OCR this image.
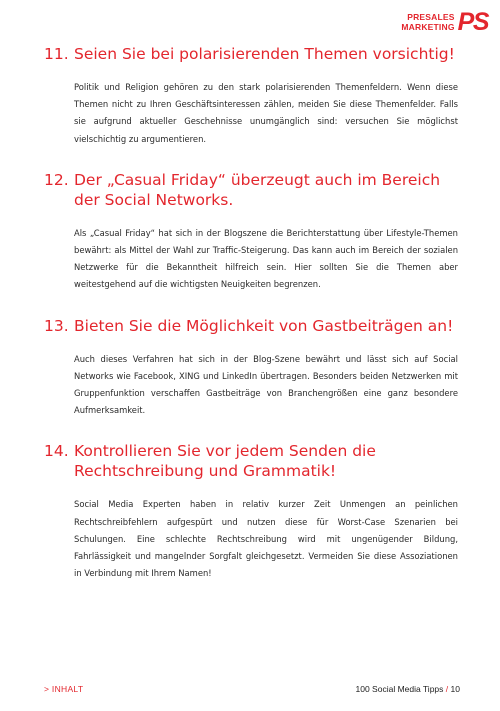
PRESALES
MARKETING PS
11. Seien Sie bei polarisierenden Themen vorsichtig!
Politik und Religion gehören zu den stark polarisierenden Themenfeldern. Wenn diese Themen nicht zu Ihren Geschäftsinteressen zählen, meiden Sie diese Themenfelder. Falls sie aufgrund aktueller Geschehnisse unumgänglich sind: versuchen Sie möglichst vielschichtig zu argumentieren.
12. Der „Casual Friday“ überzeugt auch im Bereich der Social Networks.
Als „Casual Friday“ hat sich in der Blogszene die Berichterstattung über Lifestyle-Themen bewährt: als Mittel der Wahl zur Traffic-Steigerung. Das kann auch im Bereich der sozialen Netzwerke für die Bekanntheit hilfreich sein. Hier sollten Sie die Themen aber weitestgehend auf die wichtigsten Neuigkeiten begrenzen.
13. Bieten Sie die Möglichkeit von Gastbeiträgen an!
Auch dieses Verfahren hat sich in der Blog-Szene bewährt und lässt sich auf Social Networks wie Facebook, XING und LinkedIn übertragen. Besonders beiden Netzwerken mit Gruppenfunktion verschaffen Gastbeiträge von Branchengrößen eine ganz besondere Aufmerksamkeit.
14. Kontrollieren Sie vor jedem Senden die Rechtschreibung und Grammatik!
Social Media Experten haben in relativ kurzer Zeit Unmengen an peinlichen Rechtschreibfehlern aufgespürt und nutzen diese für Worst-Case Szenarien bei Schulungen. Eine schlechte Rechtschreibung wird mit ungenügender Bildung, Fahrlässigkeit und mangelnder Sorgfalt gleichgesetzt. Vermeiden Sie diese Assoziationen in Verbindung mit Ihrem Namen!
> INHALT	100 Social Media Tipps / 10
